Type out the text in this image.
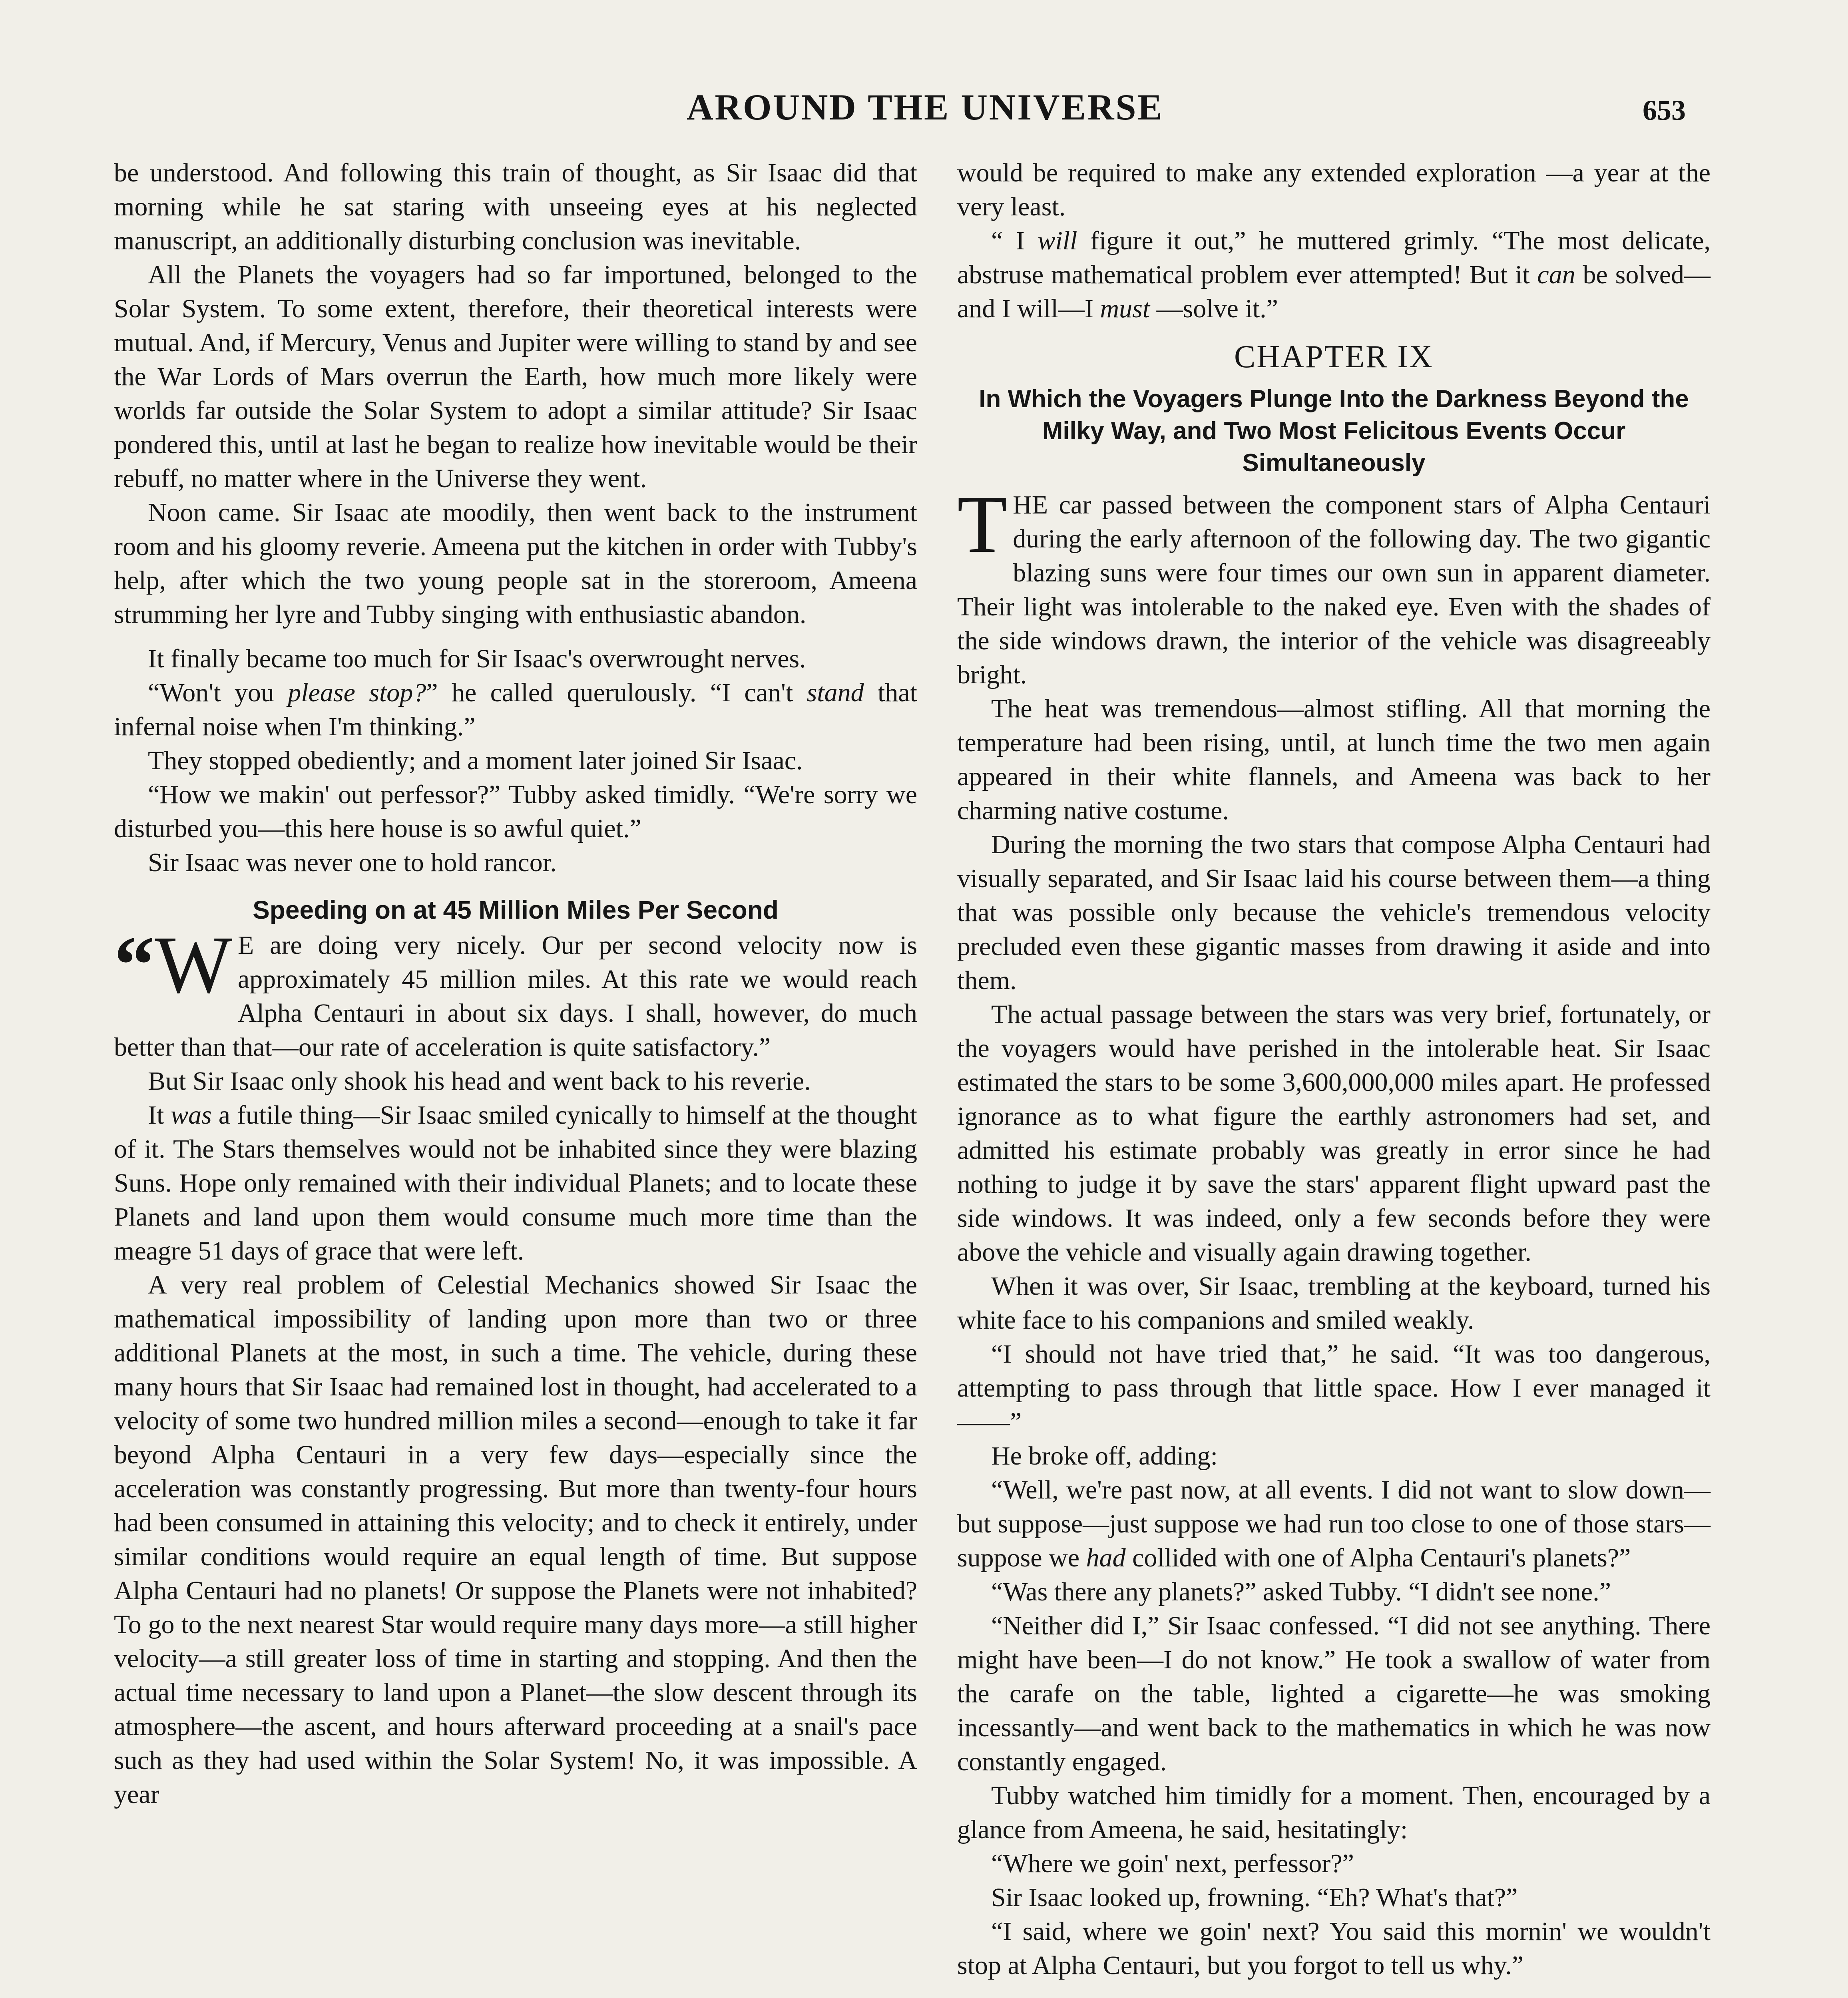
AROUND THE UNIVERSE	653

be understood. And following this train of thought, as Sir Isaac did that morning while he sat staring with unseeing eyes at his neglected manuscript, an additionally disturbing conclusion was inevitable.

All the Planets the voyagers had so far importuned, belonged to the Solar System. To some extent, therefore, their theoretical interests were mutual. And, if Mercury, Venus and Jupiter were willing to stand by and see the War Lords of Mars overrun the Earth, how much more likely were worlds far outside the Solar System to adopt a similar attitude? Sir Isaac pondered this, until at last he began to realize how inevitable would be their rebuff, no matter where in the Universe they went.

Noon came. Sir Isaac ate moodily, then went back to the instrument room and his gloomy reverie. Ameena put the kitchen in order with Tubby's help, after which the two young people sat in the storeroom, Ameena strumming her lyre and Tubby singing with enthusiastic abandon.

It finally became too much for Sir Isaac's overwrought nerves.

“Won't you please stop?” he called querulously. “I can't stand that infernal noise when I'm thinking.”

They stopped obediently; and a moment later joined Sir Isaac.

“How we makin' out perfessor?” Tubby asked timidly. “We're sorry we disturbed you—this here house is so awful quiet.”

Sir Isaac was never one to hold rancor.

Speeding on at 45 Million Miles Per Second

“W E are doing very nicely. Our per second velocity now is approximately 45 million miles. At this rate we would reach Alpha Centauri in about six days. I shall, however, do much better than that—our rate of acceleration is quite satisfactory.”

But Sir Isaac only shook his head and went back to his reverie.

It was a futile thing—Sir Isaac smiled cynically to himself at the thought of it. The Stars themselves would not be inhabited since they were blazing Suns. Hope only remained with their individual Planets; and to locate these Planets and land upon them would consume much more time than the meagre 51 days of grace that were left.

A very real problem of Celestial Mechanics showed Sir Isaac the mathematical impossibility of landing upon more than two or three additional Planets at the most, in such a time. The vehicle, during these many hours that Sir Isaac had remained lost in thought, had accelerated to a velocity of some two hundred million miles a second—enough to take it far beyond Alpha Centauri in a very few days—especially since the acceleration was constantly progressing. But more than twenty-four hours had been consumed in attaining this velocity; and to check it entirely, under similar conditions would require an equal length of time. But suppose Alpha Centauri had no planets! Or suppose the Planets were not inhabited? To go to the next nearest Star would require many days more—a still higher velocity—a still greater loss of time in starting and stopping. And then the actual time necessary to land upon a Planet—the slow descent through its atmosphere—the ascent, and hours afterward proceeding at a snail's pace such as they had used within the Solar System! No, it was impossible. A year

would be required to make any extended exploration —a year at the very least.

“ I will figure it out,” he muttered grimly. “The most delicate, abstruse mathematical problem ever attempted! But it can be solved—and I will—I must —solve it.”

CHAPTER IX
In Which the Voyagers Plunge Into the Darkness Beyond the Milky Way, and Two Most Felicitous Events Occur Simultaneously

THE car passed between the component stars of Alpha Centauri during the early afternoon of the following day. The two gigantic blazing suns were four times our own sun in apparent diameter. Their light was intolerable to the naked eye. Even with the shades of the side windows drawn, the interior of the vehicle was disagreeably bright.

The heat was tremendous—almost stifling. All that morning the temperature had been rising, until, at lunch time the two men again appeared in their white flannels, and Ameena was back to her charming native costume.

During the morning the two stars that compose Alpha Centauri had visually separated, and Sir Isaac laid his course between them—a thing that was possible only because the vehicle's tremendous velocity precluded even these gigantic masses from drawing it aside and into them.

The actual passage between the stars was very brief, fortunately, or the voyagers would have perished in the intolerable heat. Sir Isaac estimated the stars to be some 3,600,000,000 miles apart. He professed ignorance as to what figure the earthly astronomers had set, and admitted his estimate probably was greatly in error since he had nothing to judge it by save the stars' apparent flight upward past the side windows. It was indeed, only a few seconds before they were above the vehicle and visually again drawing together.

When it was over, Sir Isaac, trembling at the keyboard, turned his white face to his companions and smiled weakly.

“I should not have tried that,” he said. “It was too dangerous, attempting to pass through that little space. How I ever managed it——”

He broke off, adding:

“Well, we're past now, at all events. I did not want to slow down—but suppose—just suppose we had run too close to one of those stars—suppose we had collided with one of Alpha Centauri's planets?”

“Was there any planets?” asked Tubby. “I didn't see none.”

“Neither did I,” Sir Isaac confessed. “I did not see anything. There might have been—I do not know.” He took a swallow of water from the carafe on the table, lighted a cigarette—he was smoking incessantly—and went back to the mathematics in which he was now constantly engaged.

Tubby watched him timidly for a moment. Then, encouraged by a glance from Ameena, he said, hesitatingly:

“Where we goin' next, perfessor?”

Sir Isaac looked up, frowning. “Eh? What's that?”

“I said, where we goin' next? You said this mornin' we wouldn't stop at Alpha Centauri, but you forgot to tell us why.”
